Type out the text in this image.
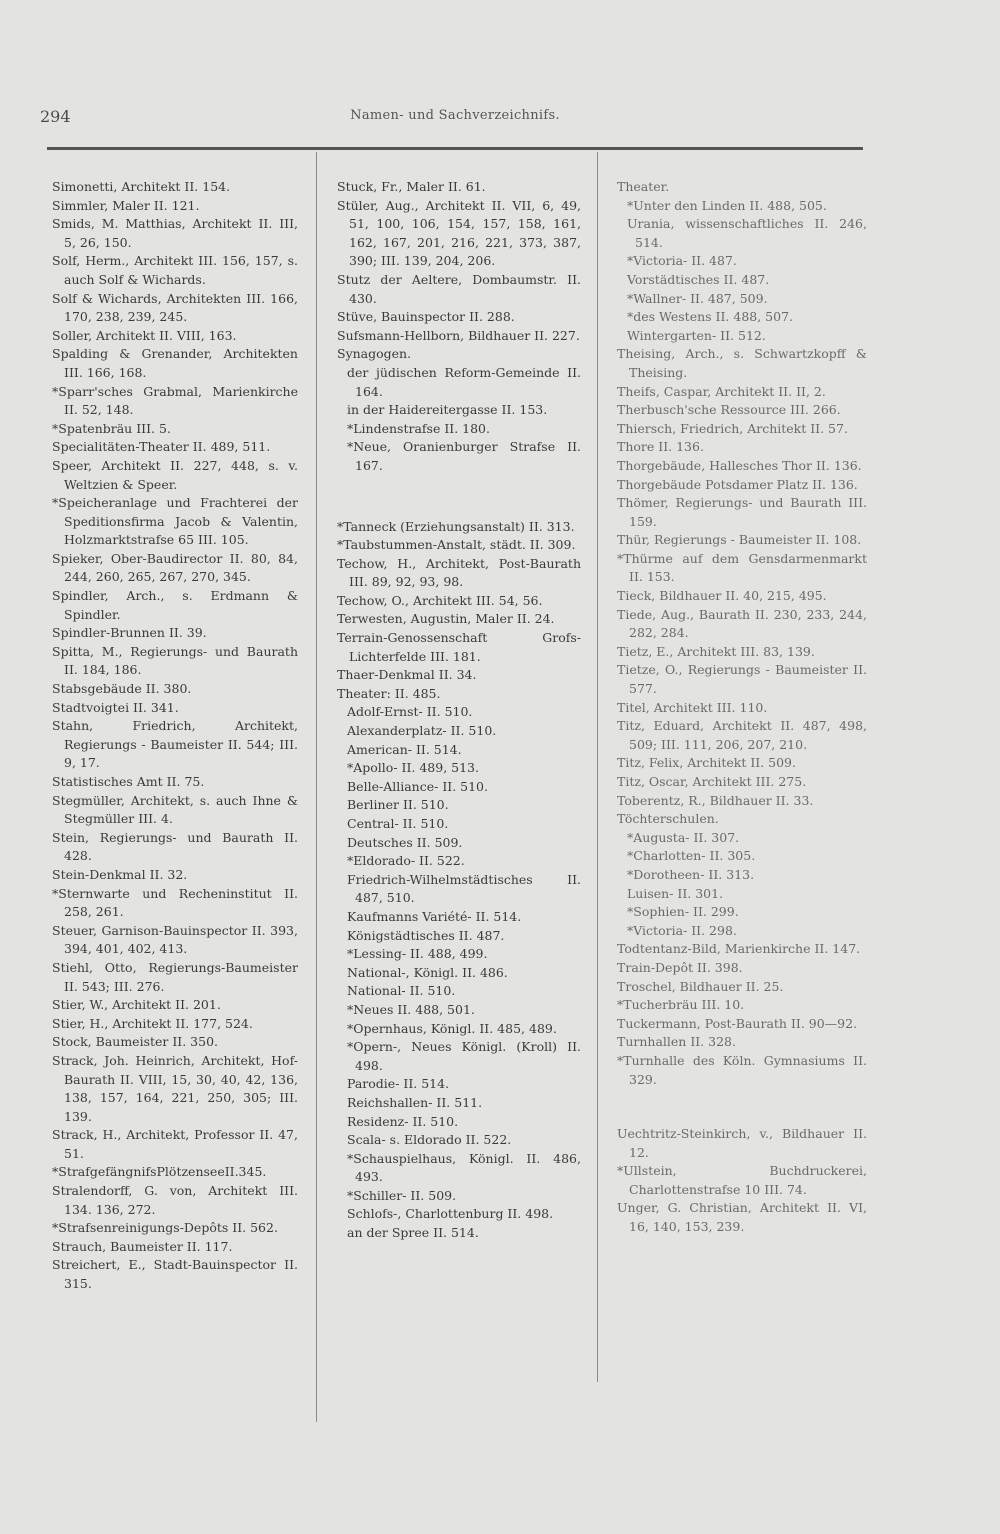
294	Namen- und Sachverzeichnifs.
Simonetti, Architekt II. 154.
Simmler, Maler II. 121.
Smids, M. Matthias, Architekt II. III, 5, 26, 150.
Solf, Herm., Architekt III. 156, 157, s. auch Solf & Wichards.
Solf & Wichards, Architekten III. 166, 170, 238, 239, 245.
Soller, Architekt II. VIII, 163.
Spalding & Grenander, Architekten III. 166, 168.
*Sparr'sches Grabmal, Marienkirche II. 52, 148.
*Spatenbräu III. 5.
Specialitäten-Theater II. 489, 511.
Speer, Architekt II. 227, 448, s. v. Weltzien & Speer.
*Speicheranlage und Frachterei der Speditionsfirma Jacob & Valentin, Holzmarktstrafse 65 III. 105.
Spieker, Ober-Baudirector II. 80, 84, 244, 260, 265, 267, 270, 345.
Spindler, Arch., s. Erdmann & Spindler.
Spindler-Brunnen II. 39.
Spitta, M., Regierungs- und Baurath II. 184, 186.
Stabsgebäude II. 380.
Stadtvoigtei II. 341.
Stahn, Friedrich, Architekt, Regierungs - Baumeister II. 544; III. 9, 17.
Statistisches Amt II. 75.
Stegmüller, Architekt, s. auch Ihne & Stegmüller III. 4.
Stein, Regierungs- und Baurath II. 428.
Stein-Denkmal II. 32.
*Sternwarte und Recheninstitut II. 258, 261.
Steuer, Garnison-Bauinspector II. 393, 394, 401, 402, 413.
Stiehl, Otto, Regierungs-Baumeister II. 543; III. 276.
Stier, W., Architekt II. 201.
Stier, H., Architekt II. 177, 524.
Stock, Baumeister II. 350.
Strack, Joh. Heinrich, Architekt, Hof-Baurath II. VIII, 15, 30, 40, 42, 136, 138, 157, 164, 221, 250, 305; III. 139.
Strack, H., Architekt, Professor II. 47, 51.
*StrafgefängnifsPlötzenseeII.345.
Stralendorff, G. von, Architekt III. 134. 136, 272.
*Strafsenreinigungs-Depôts II. 562.
Strauch, Baumeister II. 117.
Streichert, E., Stadt-Bauinspector II. 315.
Stuck, Fr., Maler II. 61.
Stüler, Aug., Architekt II. VII, 6, 49, 51, 100, 106, 154, 157, 158, 161, 162, 167, 201, 216, 221, 373, 387, 390; III. 139, 204, 206.
Stutz der Aeltere, Dombaumstr. II. 430.
Stüve, Bauinspector II. 288.
Sufsmann-Hellborn, Bildhauer II. 227.
Synagogen.
der jüdischen Reform-Gemeinde II. 164.
in der Haidereitergasse II. 153.
*Lindenstrafse II. 180.
*Neue, Oranienburger Strafse II. 167.
*Tanneck (Erziehungsanstalt) II. 313.
*Taubstummen-Anstalt, städt. II. 309.
Techow, H., Architekt, Post-Baurath III. 89, 92, 93, 98.
Techow, O., Architekt III. 54, 56.
Terwesten, Augustin, Maler II. 24.
Terrain-Genossenschaft Grofs-Lichterfelde III. 181.
Thaer-Denkmal II. 34.
Theater: II. 485.
Adolf-Ernst- II. 510.
Alexanderplatz- II. 510.
American- II. 514.
*Apollo- II. 489, 513.
Belle-Alliance- II. 510.
Berliner II. 510.
Central- II. 510.
Deutsches II. 509.
*Eldorado- II. 522.
Friedrich-Wilhelmstädtisches II. 487, 510.
Kaufmanns Variété- II. 514.
Königstädtisches II. 487.
*Lessing- II. 488, 499.
National-, Königl. II. 486.
National- II. 510.
*Neues II. 488, 501.
*Opernhaus, Königl. II. 485, 489.
*Opern-, Neues Königl. (Kroll) II. 498.
Parodie- II. 514.
Reichshallen- II. 511.
Residenz- II. 510.
Scala- s. Eldorado II. 522.
*Schauspielhaus, Königl. II. 486, 493.
*Schiller- II. 509.
Schlofs-, Charlottenburg II. 498.
an der Spree II. 514.
Theater.
*Unter den Linden II. 488, 505.
Urania, wissenschaftliches II. 246, 514.
*Victoria- II. 487.
Vorstädtisches II. 487.
*Wallner- II. 487, 509.
*des Westens II. 488, 507.
Wintergarten- II. 512.
Theising, Arch., s. Schwartzkopff & Theising.
Theifs, Caspar, Architekt II. II, 2.
Therbusch'sche Ressource III. 266.
Thiersch, Friedrich, Architekt II. 57.
Thore II. 136.
Thorgebäude, Hallesches Thor II. 136.
Thorgebäude Potsdamer Platz II. 136.
Thömer, Regierungs- und Baurath III. 159.
Thür, Regierungs - Baumeister II. 108.
*Thürme auf dem Gensdarmenmarkt II. 153.
Tieck, Bildhauer II. 40, 215, 495.
Tiede, Aug., Baurath II. 230, 233, 244, 282, 284.
Tietz, E., Architekt III. 83, 139.
Tietze, O., Regierungs - Baumeister II. 577.
Titel, Architekt III. 110.
Titz, Eduard, Architekt II. 487, 498, 509; III. 111, 206, 207, 210.
Titz, Felix, Architekt II. 509.
Titz, Oscar, Architekt III. 275.
Toberentz, R., Bildhauer II. 33.
Töchterschulen.
*Augusta- II. 307.
*Charlotten- II. 305.
*Dorotheen- II. 313.
Luisen- II. 301.
*Sophien- II. 299.
*Victoria- II. 298.
Todtentanz-Bild, Marienkirche II. 147.
Train-Depôt II. 398.
Troschel, Bildhauer II. 25.
*Tucherbräu III. 10.
Tuckermann, Post-Baurath II. 90—92.
Turnhallen II. 328.
*Turnhalle des Köln. Gymnasiums II. 329.
Uechtritz-Steinkirch, v., Bildhauer II. 12.
*Ullstein, Buchdruckerei, Charlottenstrafse 10 III. 74.
Unger, G. Christian, Architekt II. VI, 16, 140, 153, 239.
